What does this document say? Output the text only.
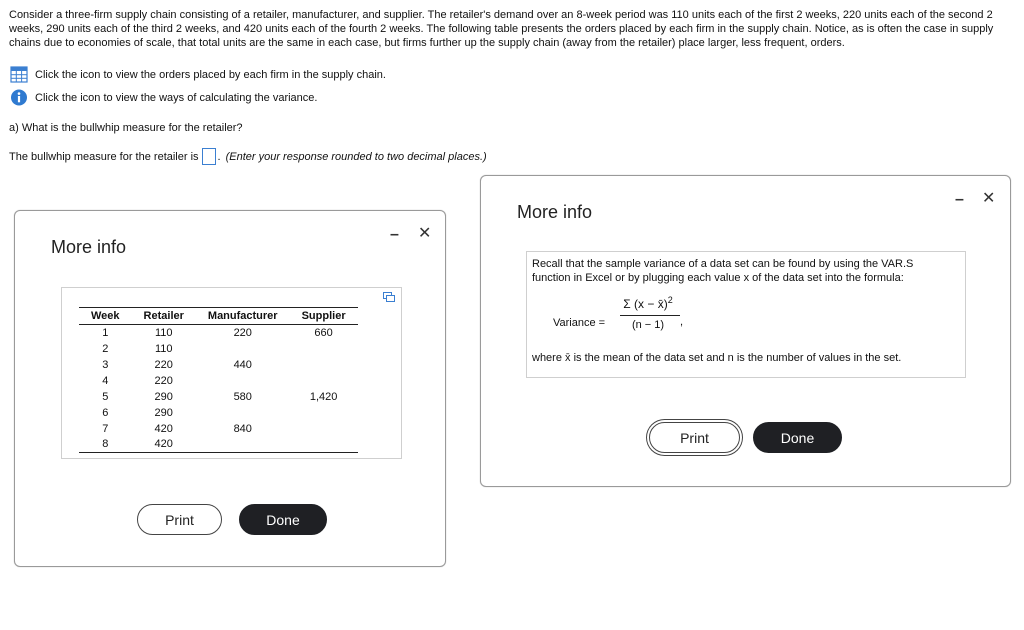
Consider a three-firm supply chain consisting of a retailer, manufacturer, and supplier. The retailer's demand over an 8-week period was 110 units each of the first 2 weeks, 220 units each of the second 2 weeks, 290 units each of the third 2 weeks, and 420 units each of the fourth 2 weeks. The following table presents the orders placed by each firm in the supply chain. Notice, as is often the case in supply chains due to economies of scale, that total units are the same in each case, but firms further up the supply chain (away from the retailer) place larger, less frequent, orders.
Click the icon to view the orders placed by each firm in the supply chain.
Click the icon to view the ways of calculating the variance.
a) What is the bullwhip measure for the retailer?
The bullwhip measure for the retailer is . (Enter your response rounded to two decimal places.)
More info
– ✕
Week	Retailer	Manufacturer	Supplier
1	110	220	660
2	110		
3	220	440	
4	220		
5	290	580	1,420
6	290		
7	420	840	
8	420		
Print	Done
More info
– ✕
Recall that the sample variance of a data set can be found by using the VAR.S function in Excel or by plugging each value x of the data set into the formula:
Variance =
Σ (x − x̄)$^2$
(n − 1)	,
where x̄ is the mean of the data set and n is the number of values in the set.
Print	Done
